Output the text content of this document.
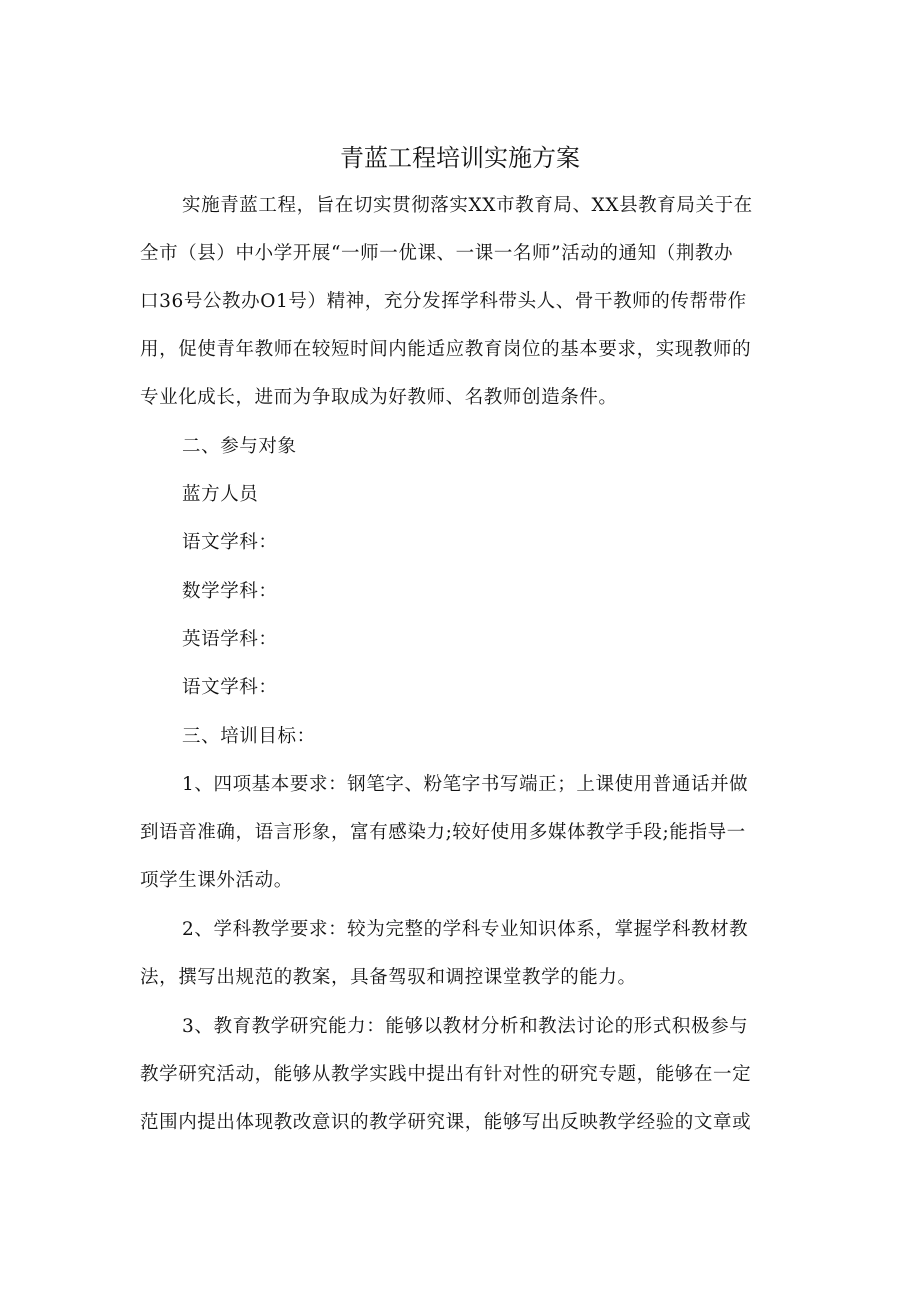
青蓝工程培训实施方案
实施青蓝工程，旨在切实贯彻落实XX市教育局、XX县教育局关于在
全市（县）中小学开展“一师一优课、一课一名师”活动的通知（荆教办
口36号公教办O1号）精神，充分发挥学科带头人、骨干教师的传帮带作
用，促使青年教师在较短时间内能适应教育岗位的基本要求，实现教师的
专业化成长，进而为争取成为好教师、名教师创造条件。
二、参与对象
蓝方人员
语文学科：
数学学科：
英语学科：
语文学科：
三、培训目标：
1、四项基本要求：钢笔字、粉笔字书写端正；上课使用普通话并做
到语音准确，语言形象，富有感染力;较好使用多媒体教学手段;能指导一
项学生课外活动。
2、学科教学要求：较为完整的学科专业知识体系，掌握学科教材教
法，撰写出规范的教案，具备驾驭和调控课堂教学的能力。
3、教育教学研究能力：能够以教材分析和教法讨论的形式积极参与
教学研究活动，能够从教学实践中提出有针对性的研究专题，能够在一定
范围内提出体现教改意识的教学研究课，能够写出反映教学经验的文章或
